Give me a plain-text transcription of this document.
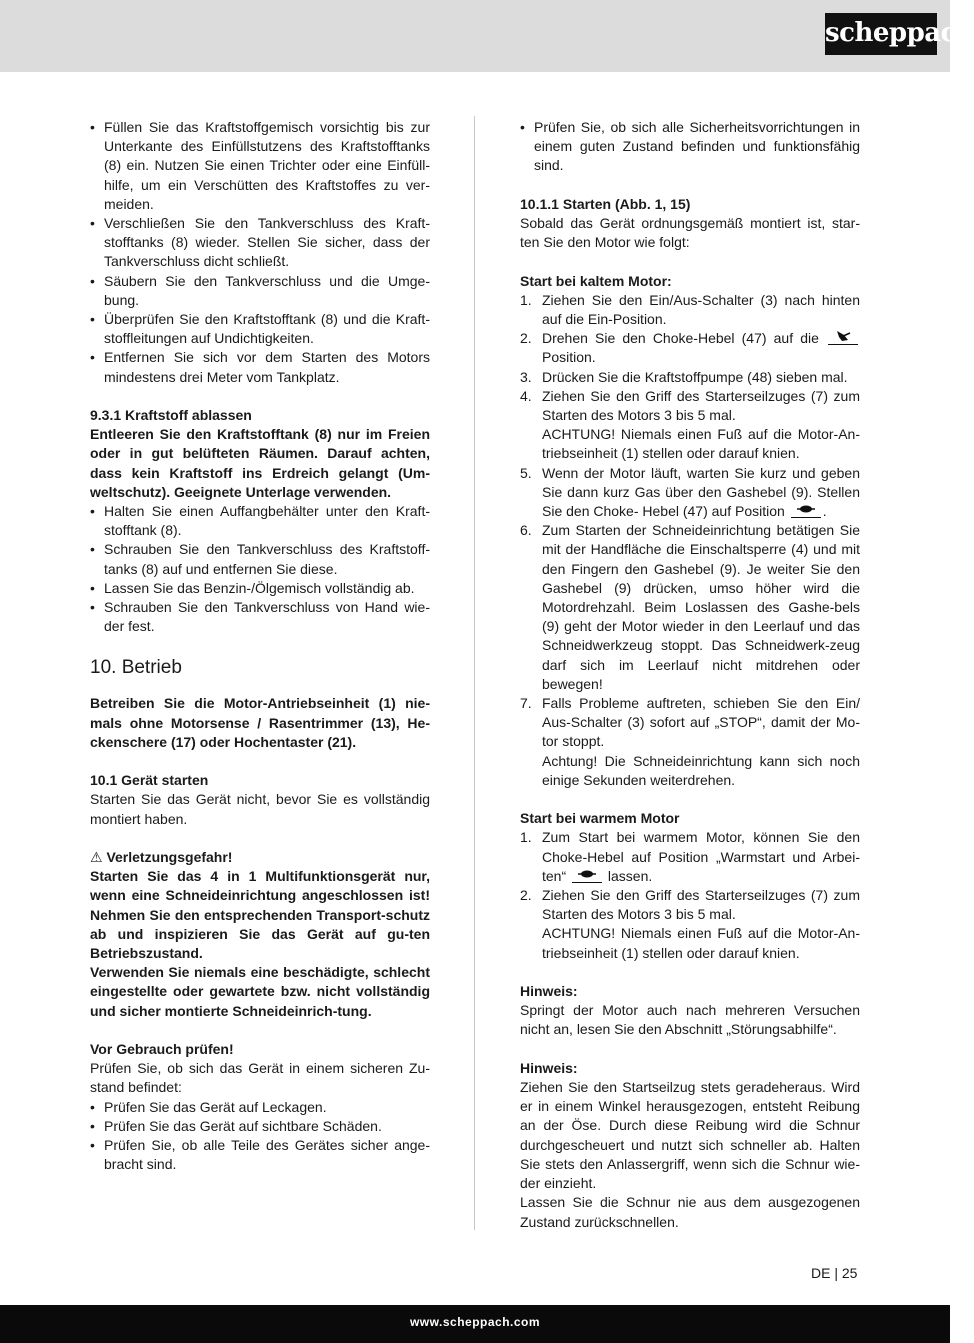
scheppach
• Füllen Sie das Kraftstoffgemisch vorsichtig bis zur Unterkante des Einfüllstutzens des Kraftstofftanks (8) ein. Nutzen Sie einen Trichter oder eine Einfüll-hilfe, um ein Verschütten des Kraftstoffes zu ver-meiden.
• Verschließen Sie den Tankverschluss des Kraft-stofftanks (8) wieder. Stellen Sie sicher, dass der Tankverschluss dicht schließt.
• Säubern Sie den Tankverschluss und die Umge-bung.
• Überprüfen Sie den Kraftstofftank (8) und die Kraft-stoffleitungen auf Undichtigkeiten.
• Entfernen Sie sich vor dem Starten des Motors mindestens drei Meter vom Tankplatz.

9.3.1 Kraftstoff ablassen

Entleeren Sie den Kraftstofftank (8) nur im Freien oder in gut belüfteten Räumen. Darauf achten, dass kein Kraftstoff ins Erdreich gelangt (Um-weltschutz). Geeignete Unterlage verwenden.

• Halten Sie einen Auffangbehälter unter den Kraft-stofftank (8).
• Schrauben Sie den Tankverschluss des Kraftstoff-tanks (8) auf und entfernen Sie diese.
• Lassen Sie das Benzin-/Ölgemisch vollständig ab.
• Schrauben Sie den Tankverschluss von Hand wie-der fest.
10. Betrieb

Betreiben Sie die Motor-Antriebseinheit (1) nie-mals ohne Motorsense / Rasentrimmer (13), He-ckenschere (17) oder Hochentaster (21).

10.1 Gerät starten

Starten Sie das Gerät nicht, bevor Sie es vollständig montiert haben.

⚠ Verletzungsgefahr!

Starten Sie das 4 in 1 Multifunktionsgerät nur, wenn eine Schneideinrichtung angeschlossen ist! Nehmen Sie den entsprechenden Transport-schutz ab und inspizieren Sie das Gerät auf gu-ten Betriebszustand.

Verwenden Sie niemals eine beschädigte, schlecht eingestellte oder gewartete bzw. nicht vollständig und sicher montierte Schneideinrich-tung.

Vor Gebrauch prüfen!

Prüfen Sie, ob sich das Gerät in einem sicheren Zu-stand befindet:

• Prüfen Sie das Gerät auf Leckagen.
• Prüfen Sie das Gerät auf sichtbare Schäden.
• Prüfen Sie, ob alle Teile des Gerätes sicher ange-bracht sind.
• Prüfen Sie, ob sich alle Sicherheitsvorrichtungen in einem guten Zustand befinden und funktionsfähig sind.

10.1.1 Starten (Abb. 1, 15)

Sobald das Gerät ordnungsgemäß montiert ist, star-ten Sie den Motor wie folgt:

Start bei kaltem Motor:

1. Ziehen Sie den Ein/Aus-Schalter (3) nach hinten auf die Ein-Position.
2. Drehen Sie den Choke-Hebel (47) auf die  Position.
3. Drücken Sie die Kraftstoffpumpe (48) sieben mal.
4. Ziehen Sie den Griff des Starterseilzuges (7) zum Starten des Motors 3 bis 5 mal.
ACHTUNG! Niemals einen Fuß auf die Motor-An-triebseinheit (1) stellen oder darauf knien.
5. Wenn der Motor läuft, warten Sie kurz und geben Sie dann kurz Gas über den Gashebel (9). Stellen Sie den Choke- Hebel (47) auf Position	.
6. Zum Starten der Schneideinrichtung betätigen Sie mit der Handfläche die Einschaltsperre (4) und mit den Fingern den Gashebel (9). Je weiter Sie den Gashebel (9) drücken, umso höher wird die Motordrehzahl. Beim Loslassen des Gashe-bels (9) geht der Motor wieder in den Leerlauf und das Schneidwerkzeug stoppt. Das Schneidwerk-zeug darf sich im Leerlauf nicht mitdrehen oder bewegen!
7. Falls Probleme auftreten, schieben Sie den Ein/ Aus-Schalter (3) sofort auf „STOP“, damit der Mo-tor stoppt.
Achtung! Die Schneideinrichtung kann sich noch einige Sekunden weiterdrehen.

Start bei warmem Motor

1. Zum Start bei warmem Motor, können Sie den Choke-Hebel auf Position „Warmstart und Arbei-ten“	lassen.
2. Ziehen Sie den Griff des Starterseilzuges (7) zum Starten des Motors 3 bis 5 mal.
ACHTUNG! Niemals einen Fuß auf die Motor-An-triebseinheit (1) stellen oder darauf knien.

Hinweis:

Springt der Motor auch nach mehreren Versuchen nicht an, lesen Sie den Abschnitt „Störungsabhilfe“.

Hinweis:

Ziehen Sie den Startseilzug stets geradeheraus. Wird er in einem Winkel herausgezogen, entsteht Reibung an der Öse. Durch diese Reibung wird die Schnur durchgescheuert und nutzt sich schneller ab. Halten Sie stets den Anlassergriff, wenn sich die Schnur wie-der einzieht.

Lassen Sie die Schnur nie aus dem ausgezogenen Zustand zurückschnellen.

DE | 25
www.scheppach.com
